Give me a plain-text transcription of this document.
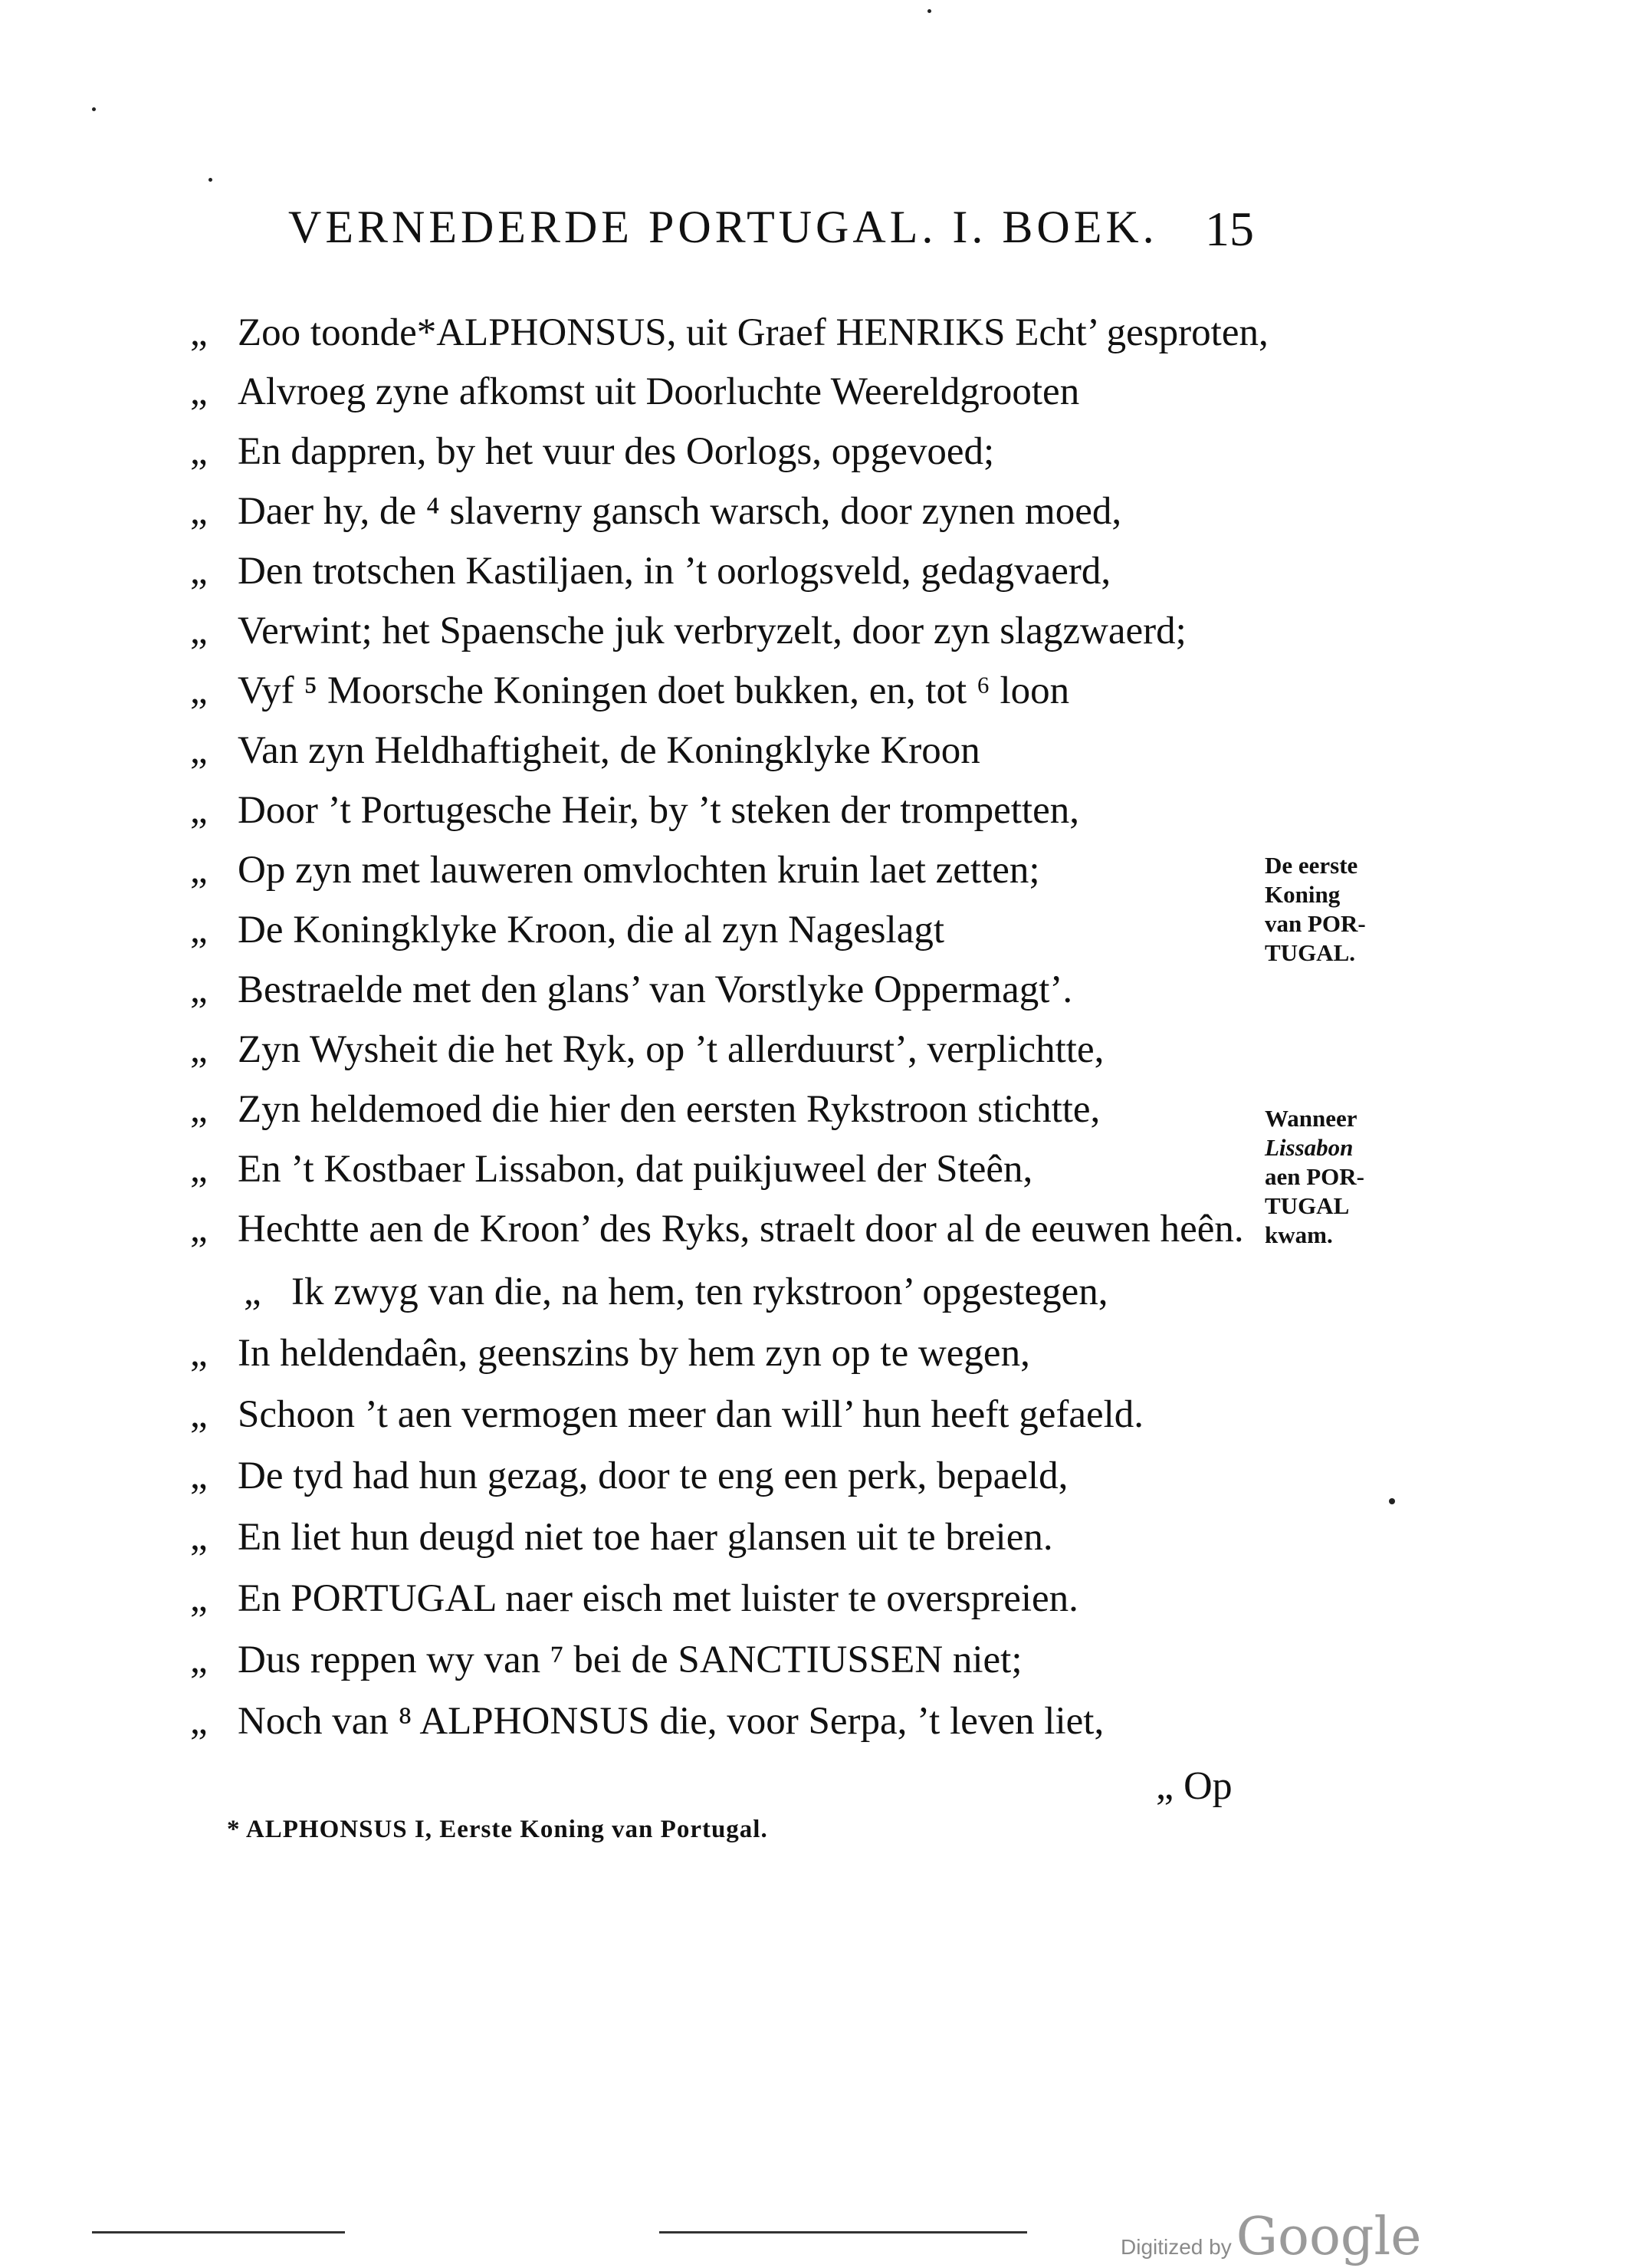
VERNEDERDE PORTUGAL. I. BOEK. 15
„ Zoo toonde*ALPHONSUS, uit Graef HENRIKS Echt’ gesproten,
„ Alvroeg zyne afkomst uit Doorluchte Weereldgrooten
„ En dappren, by het vuur des Oorlogs, opgevoed;
„ Daer hy, de ⁴ slaverny gansch warsch, door zynen moed,
„ Den trotschen Kastiljaen, in ’t oorlogsveld, gedagvaerd,
„ Verwint; het Spaensche juk verbryzelt, door zyn slagzwaerd;
„ Vyf ⁵ Moorsche Koningen doet bukken, en, tot ⁶ loon
„ Van zyn Heldhaftigheit, de Koningklyke Kroon
„ Door ’t Portugesche Heir, by ’t steken der trompetten,
„ Op zyn met lauweren omvlochten kruin laet zetten;
„ De Koningklyke Kroon, die al zyn Nageslagt
„ Bestraelde met den glans’ van Vorstlyke Oppermagt’.
„ Zyn Wysheit die het Ryk, op ’t allerduurst’, verplichtte,
„ Zyn heldemoed die hier den eersten Rykstroon stichtte,
„ En ’t Kostbaer Lissabon, dat puikjuweel der Steên,
„ Hechtte aen de Kroon’ des Ryks, straelt door al de eeuwen heên.
„ Ik zwyg van die, na hem, ten rykstroon’ opgestegen,
„ In heldendaên, geenszins by hem zyn op te wegen,
„ Schoon ’t aen vermogen meer dan will’ hun heeft gefaeld.
„ De tyd had hun gezag, door te eng een perk, bepaeld,
„ En liet hun deugd niet toe haer glansen uit te breien.
„ En PORTUGAL naer eisch met luister te overspreien.
„ Dus reppen wy van ⁷ bei de SANCTIUSSEN niet;
„ Noch van ⁸ ALPHONSUS die, voor Serpa, ’t leven liet,
De eerste
Koning
van POR-
TUGAL.
Wanneer
Lissabon
aen POR-
TUGAL
kwam.
„ Op
* ALPHONSUS I, Eerste Koning van Portugal.
Digitized byGoogle
